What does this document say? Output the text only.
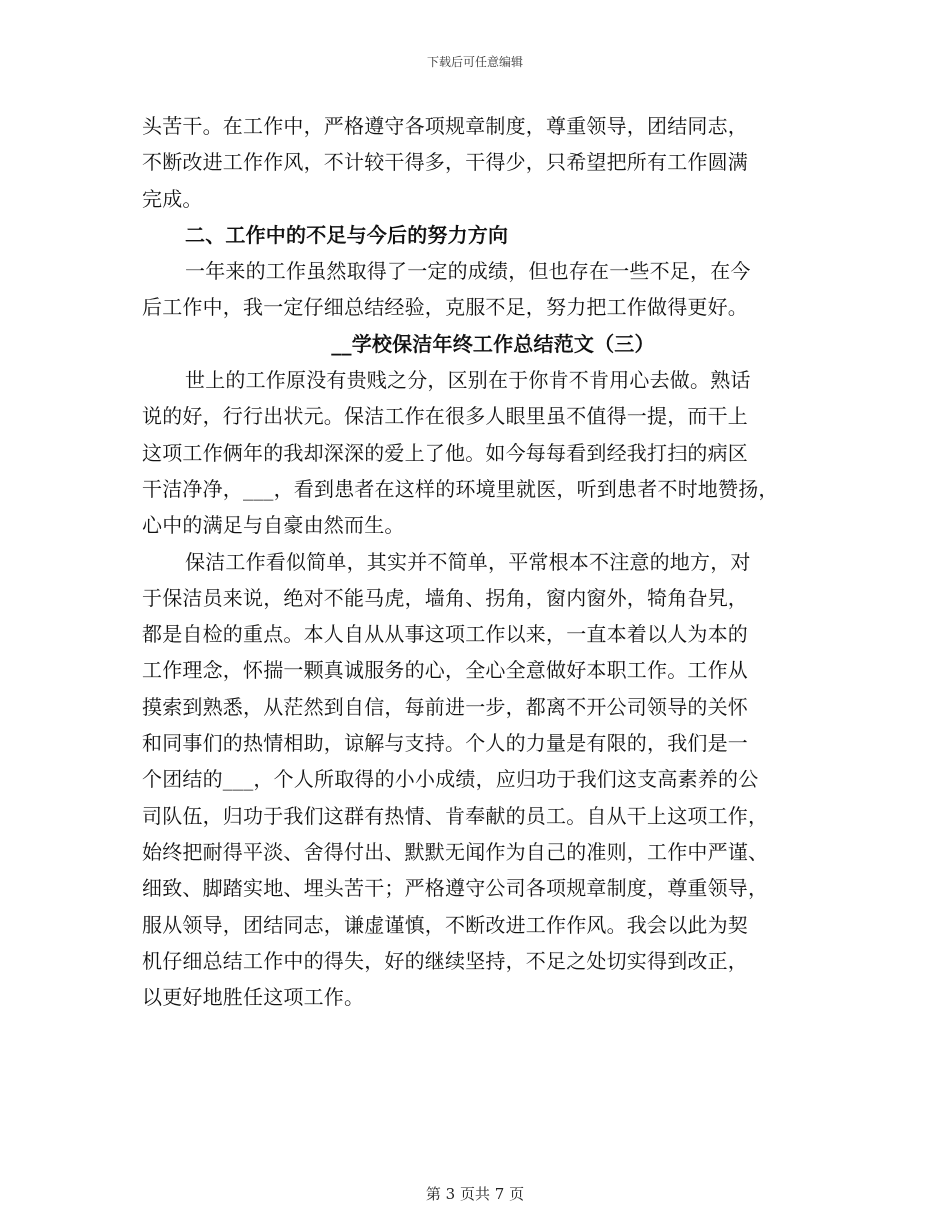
下载后可任意编辑
头苦干。在工作中，严格遵守各项规章制度，尊重领导，团结同志，
不断改进工作作风，不计较干得多，干得少，只希望把所有工作圆满
完成。
二、工作中的不足与今后的努力方向
一年来的工作虽然取得了一定的成绩，但也存在一些不足，在今
后工作中，我一定仔细总结经验，克服不足，努力把工作做得更好。
__学校保洁年终工作总结范文（三）
世上的工作原没有贵贱之分，区别在于你肯不肯用心去做。熟话
说的好，行行出状元。保洁工作在很多人眼里虽不值得一提，而干上
这项工作俩年的我却深深的爱上了他。如今每每看到经我打扫的病区
干洁净净，___，看到患者在这样的环境里就医，听到患者不时地赞扬，
心中的满足与自豪由然而生。
保洁工作看似简单，其实并不简单，平常根本不注意的地方，对
于保洁员来说，绝对不能马虎，墙角、拐角，窗内窗外，犄角旮旯，
都是自检的重点。本人自从从事这项工作以来，一直本着以人为本的
工作理念，怀揣一颗真诚服务的心，全心全意做好本职工作。工作从
摸索到熟悉，从茫然到自信，每前进一步，都离不开公司领导的关怀
和同事们的热情相助，谅解与支持。个人的力量是有限的，我们是一
个团结的___，个人所取得的小小成绩，应归功于我们这支高素养的公
司队伍，归功于我们这群有热情、肯奉献的员工。自从干上这项工作，
始终把耐得平淡、舍得付出、默默无闻作为自己的准则，工作中严谨、
细致、脚踏实地、埋头苦干；严格遵守公司各项规章制度，尊重领导，
服从领导，团结同志，谦虚谨慎，不断改进工作作风。我会以此为契
机仔细总结工作中的得失，好的继续坚持，不足之处切实得到改正，
以更好地胜任这项工作。
第 3 页共 7 页
